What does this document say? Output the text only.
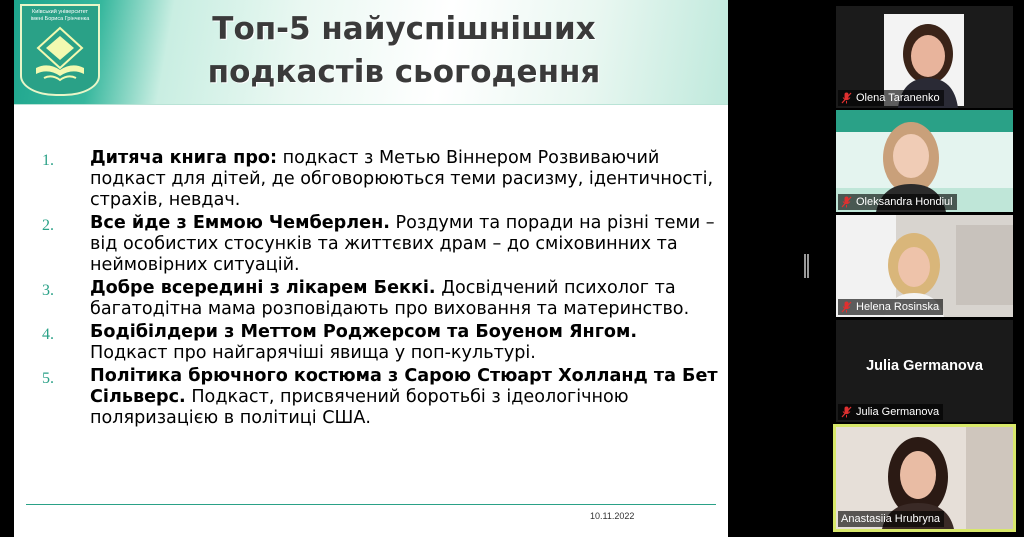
Київський університет імені Бориса Грінченка	Топ-5 найуспішніших
подкастів сьогодення
1. Дитяча книга про: подкаст з Метью Віннером Розвиваючий подкаст для дітей, де обговорюються теми расизму, ідентичності, страхів, невдач.
2. Все йде з Еммою Чемберлен. Роздуми та поради на різні теми – від особистих стосунків та життєвих драм – до сміховинних та неймовірних ситуацій.
3. Добре всередині з лікарем Беккі. Досвідчений психолог та багатодітна мама розповідають про виховання та материнство.
4. Бодібілдери з Меттом Роджерсом та Боуеном Янгом. Подкаст про найгарячіші явища у поп-культурі.
5. Політика брючного костюма з Сарою Стюарт Холланд та Бет Сільверс. Подкаст, присвячений боротьбі з ідеологічною поляризацією в політиці США.
10.11.2022
Olena Taranenko
Oleksandra Hondiul
Helena Rosinska
Julia Germanova
Julia Germanova
Anastasiia Hrubryna
